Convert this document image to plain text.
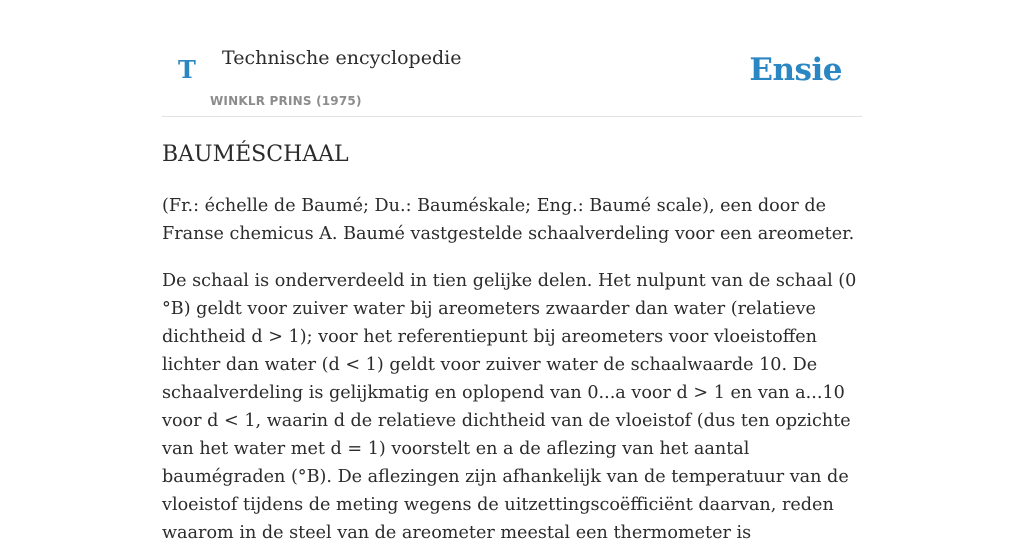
T Technische encyclopedie
WINKLR PRINS (1975)
Ensie
BAUMÉSCHAAL

(Fr.: échelle de Baumé; Du.: Bauméskale; Eng.: Baumé scale), een door de Franse chemicus A. Baumé vastgestelde schaalverdeling voor een areometer.

De schaal is onderverdeeld in tien gelijke delen. Het nulpunt van de schaal (0 °B) geldt voor zuiver water bij areometers zwaarder dan water (relatieve dichtheid d > 1); voor het referentiepunt bij areometers voor vloeistoffen lichter dan water (d < 1) geldt voor zuiver water de schaalwaarde 10. De schaalverdeling is gelijkmatig en oplopend van 0...a voor d > 1 en van a...10 voor d < 1, waarin d de relatieve dichtheid van de vloeistof (dus ten opzichte van het water met d = 1) voorstelt en a de aflezing van het aantal baumégraden (°B). De aflezingen zijn afhankelijk van de temperatuur van de vloeistof tijdens de meting wegens de uitzettingscoëfficiënt daarvan, reden waarom in de steel van de areometer meestal een thermometer is
